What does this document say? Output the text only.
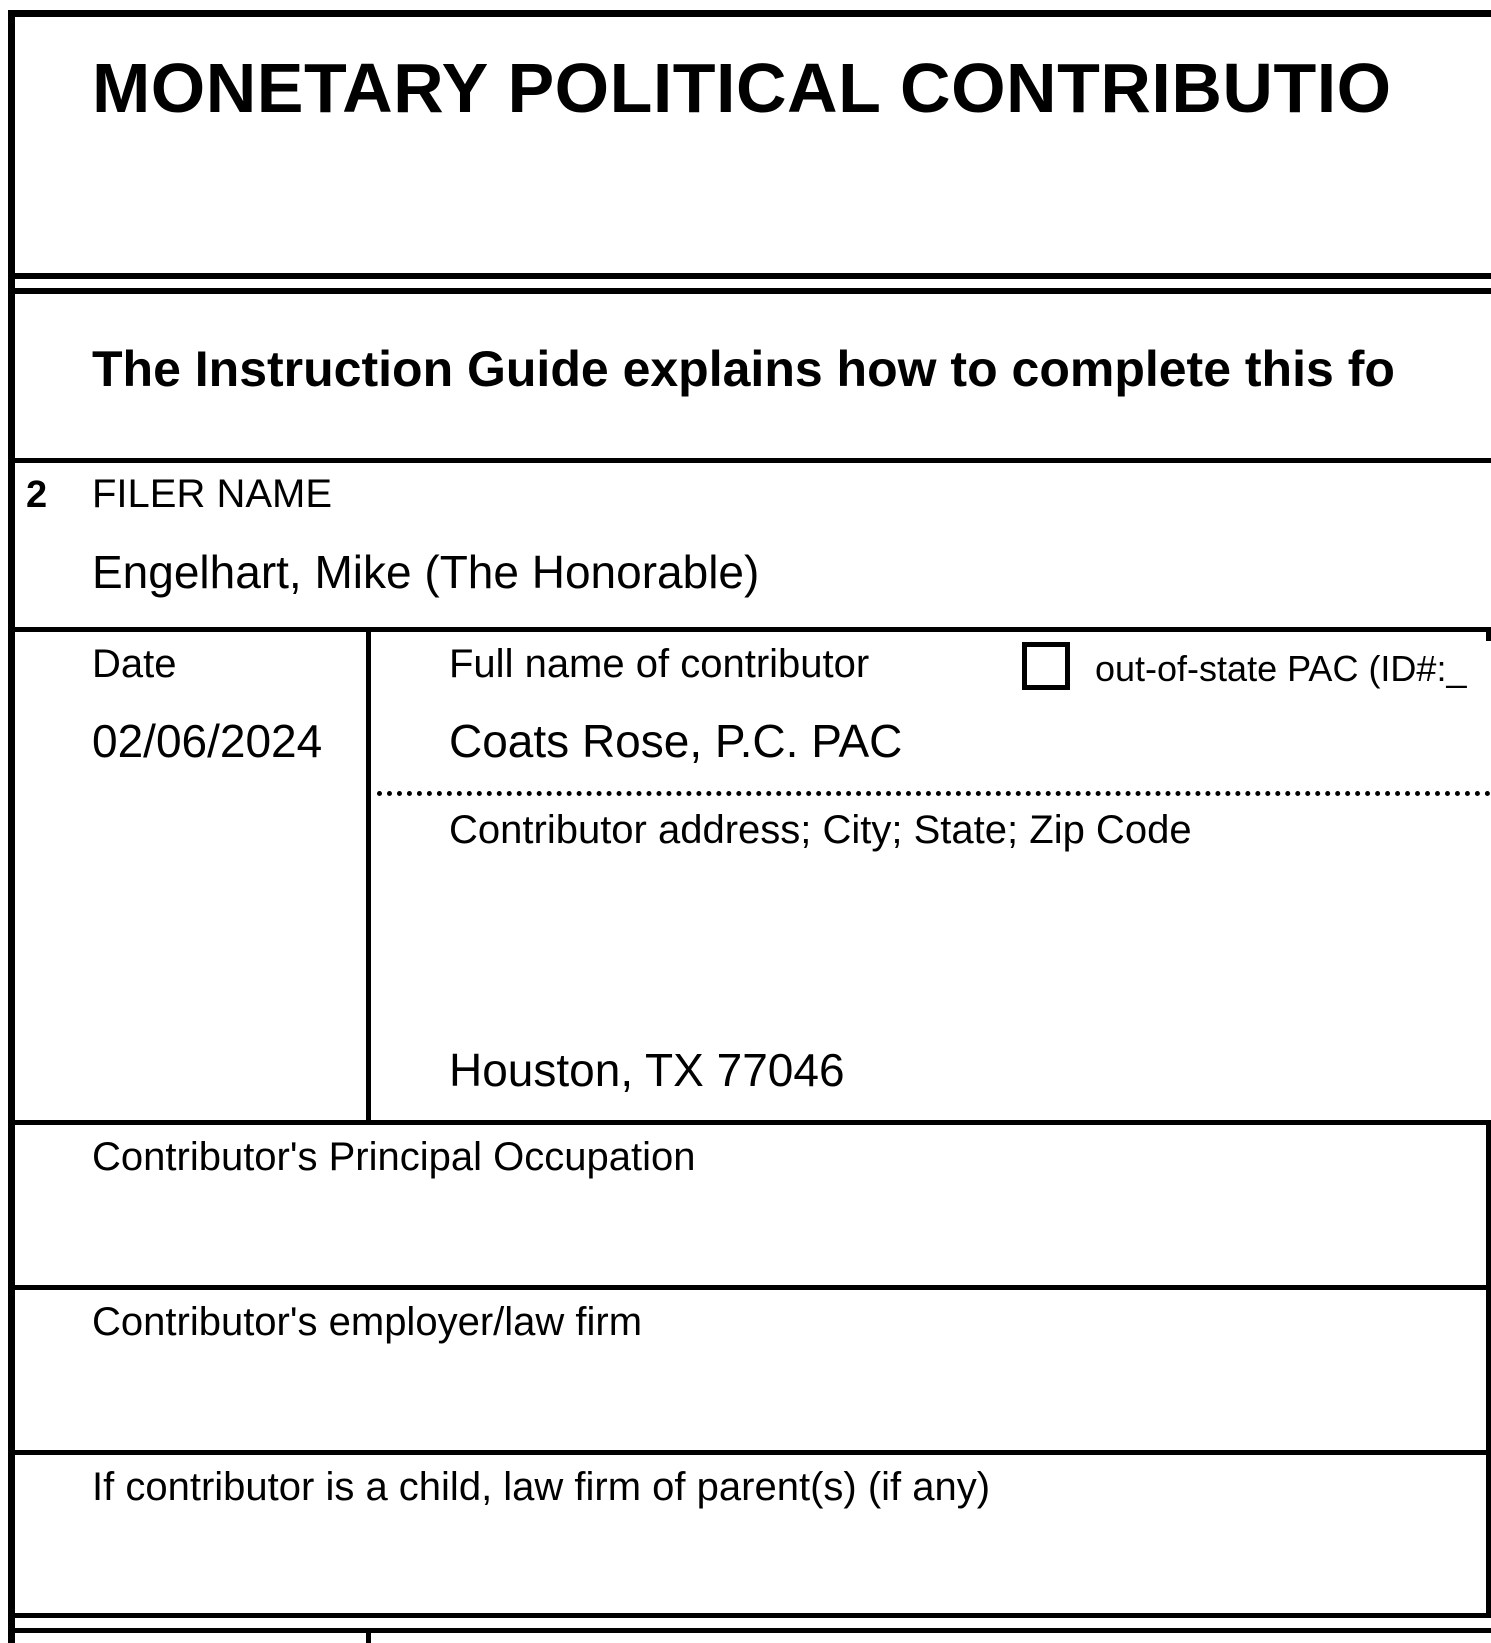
MONETARY POLITICAL CONTRIBUTIO
The Instruction Guide explains how to complete this fo
2 FILER NAME
Engelhart, Mike (The Honorable)
Date
02/06/2024
Full name of contributor	out-of-state PAC (ID#:_
Coats Rose, P.C. PAC
Contributor address; City; State; Zip Code
Houston, TX 77046
Contributor's Principal Occupation
Contributor's employer/law firm
If contributor is a child, law firm of parent(s) (if any)
